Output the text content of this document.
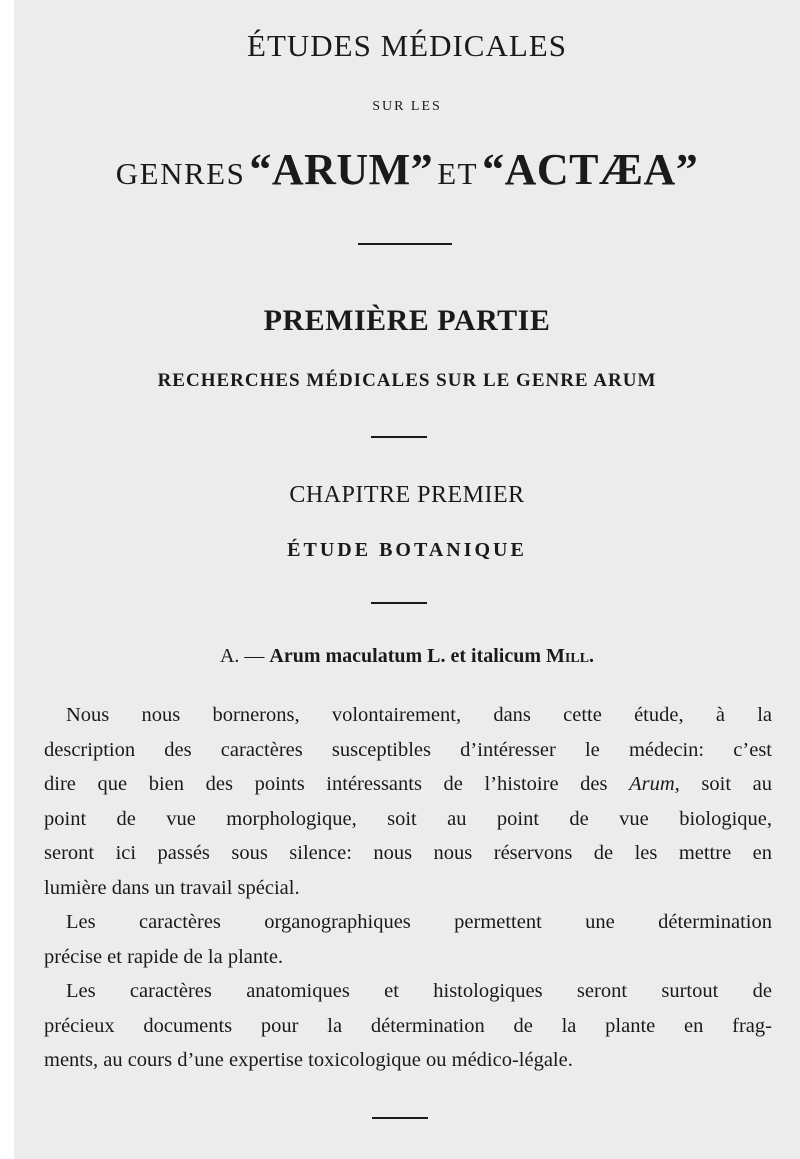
ÉTUDES MÉDICALES
SUR LES
GENRES “ARUM” ET “ACTÆA”
PREMIÈRE PARTIE
RECHERCHES MÉDICALES SUR LE GENRE ARUM
CHAPITRE PREMIER
ÉTUDE BOTANIQUE
A. — Arum maculatum L. et italicum Mill.

Nous nous bornerons, volontairement, dans cette étude, à la
description des caractères susceptibles d’intéresser le médecin: c’est
dire que bien des points intéressants de l’histoire des Arum, soit au
point de vue morphologique, soit au point de vue biologique,
seront ici passés sous silence: nous nous réservons de les mettre en
lumière dans un travail spécial.

Les caractères organographiques permettent une détermination
précise et rapide de la plante.

Les caractères anatomiques et histologiques seront surtout de
précieux documents pour la détermination de la plante en frag-
ments, au cours d’une expertise toxicologique ou médico-légale.
